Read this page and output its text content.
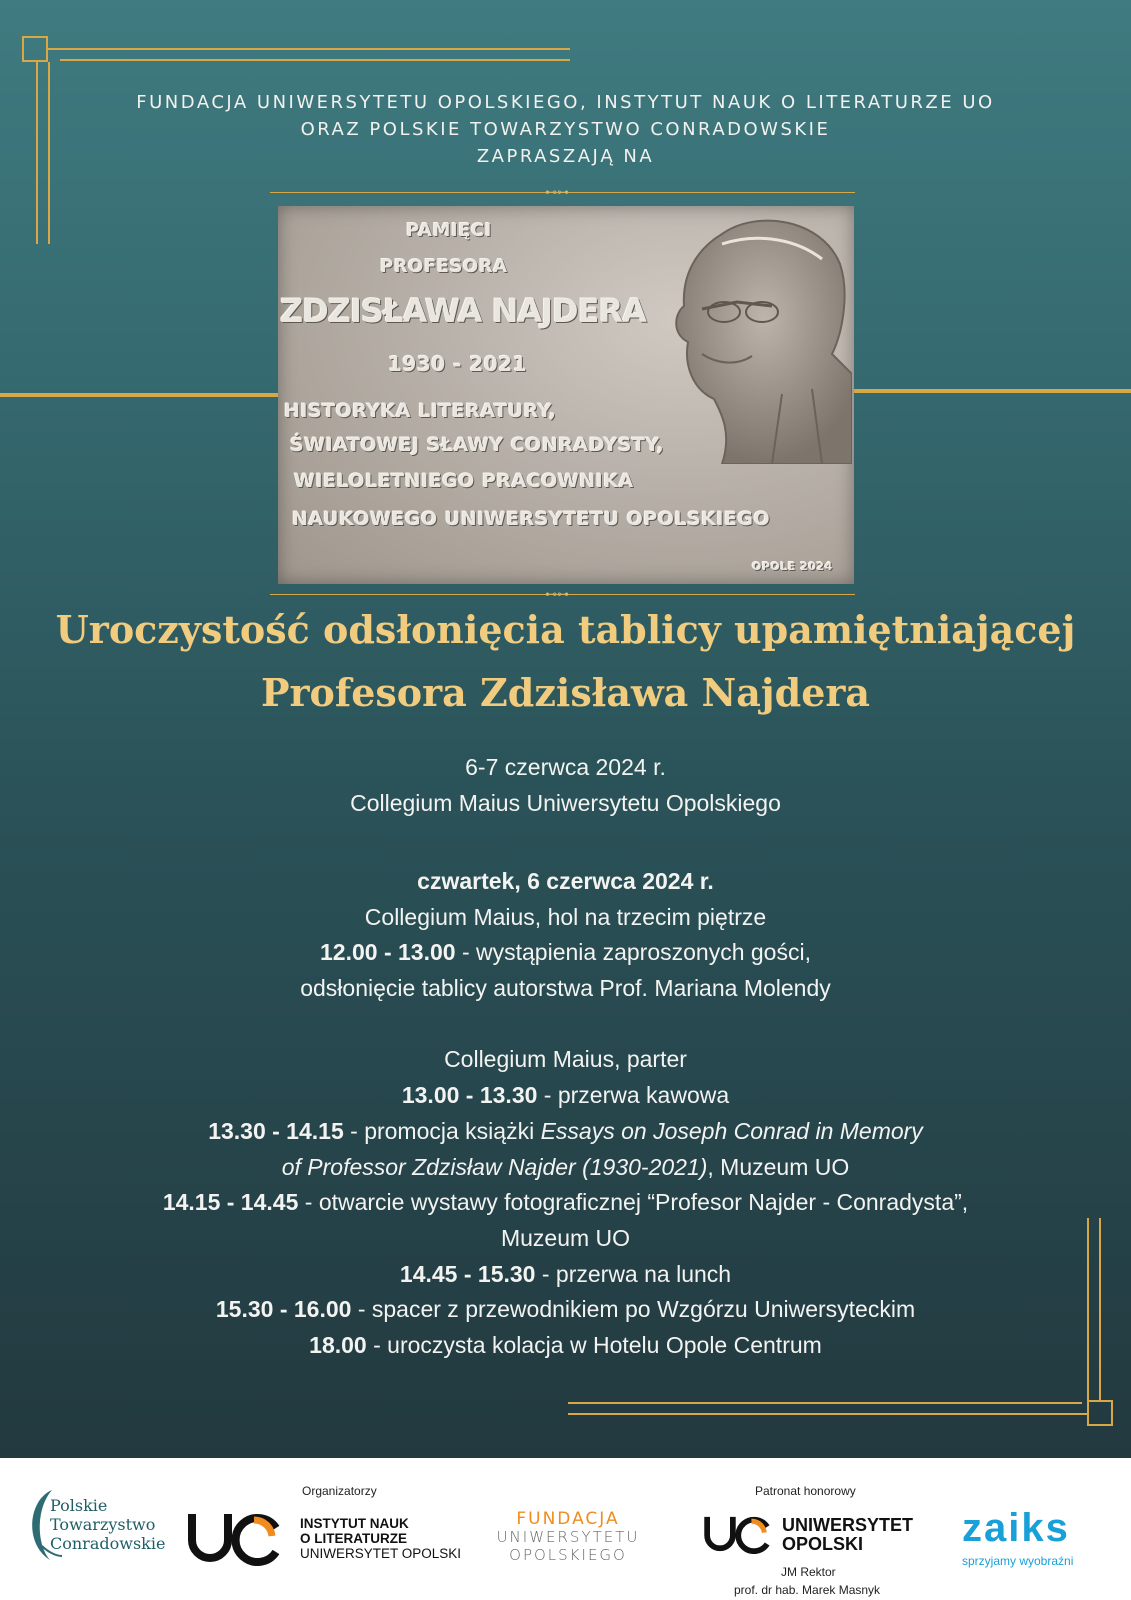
FUNDACJA UNIWERSYTETU OPOLSKIEGO, INSTYTUT NAUK O LITERATURZE UO
ORAZ POLSKIE TOWARZYSTWO CONRADOWSKIE
ZAPRASZAJĄ NA
⊷⊶
PAMIĘCI
PROFESORA
ZDZISŁAWA NAJDERA
1930 - 2021
HISTORYKA LITERATURY,
ŚWIATOWEJ SŁAWY CONRADYSTY,
WIELOLETNIEGO PRACOWNIKA
NAUKOWEGO UNIWERSYTETU OPOLSKIEGO
OPOLE 2024
⊷⊶
Uroczystość odsłonięcia tablicy upamiętniającej
Profesora Zdzisława Najdera
6-7 czerwca 2024 r.
Collegium Maius Uniwersytetu Opolskiego
czwartek, 6 czerwca 2024 r.
Collegium Maius, hol na trzecim piętrze
12.00 - 13.00 - wystąpienia zaproszonych gości,
odsłonięcie tablicy autorstwa Prof. Mariana Molendy
Collegium Maius, parter
13.00 - 13.30 - przerwa kawowa
13.30 - 14.15 - promocja książki Essays on Joseph Conrad in Memory
of Professor Zdzisław Najder (1930-2021), Muzeum UO
14.15 - 14.45 - otwarcie wystawy fotograficznej “Profesor Najder - Conradysta”,
Muzeum UO
14.45 - 15.30 - przerwa na lunch
15.30 - 16.00 - spacer z przewodnikiem po Wzgórzu Uniwersyteckim
18.00 - uroczysta kolacja w Hotelu Opole Centrum
Organizatorzy	Patronat honorowy
Polskie
Towarzystwo
Conradowskie
INSTYTUT NAUK
O LITERATURZE
UNIWERSYTET OPOLSKI
FUNDACJA
UNIWERSYTETU
OPOLSKIEGO
UNIWERSYTET
OPOLSKI
JM Rektor
prof. dr hab. Marek Masnyk
zaiks
sprzyjamy wyobraźni
